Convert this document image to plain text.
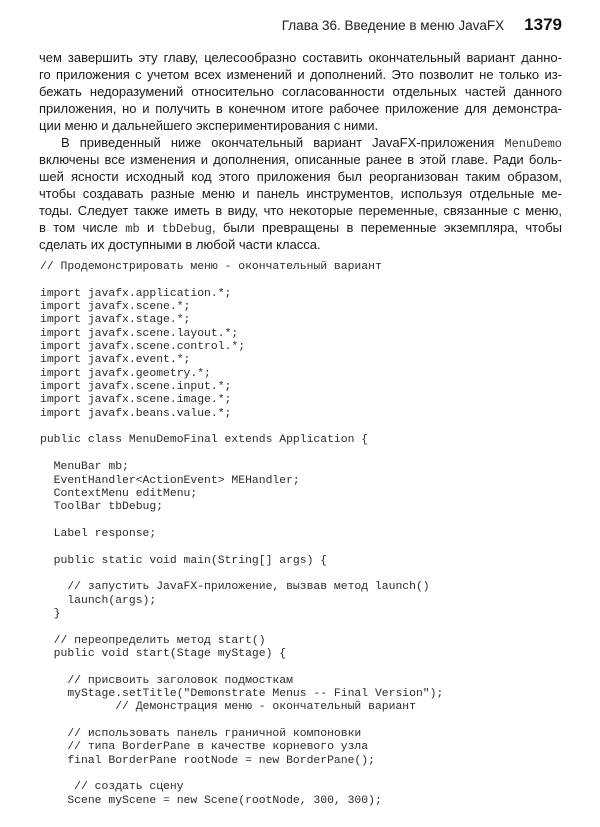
Глава 36. Введение в меню JavaFX 1379
чем завершить эту главу, целесообразно составить окончательный вариант данно-
го приложения с учетом всех изменений и дополнений. Это позволит не только из-
бежать недоразумений относительно согласованности отдельных частей данного
приложения, но и получить в конечном итоге рабочее приложение для демонстра-
ции меню и дальнейшего экспериментирования с ними.
В приведенный ниже окончательный вариант JavaFX-приложения MenuDemo
включены все изменения и дополнения, описанные ранее в этой главе. Ради боль-
шей ясности исходный код этого приложения был реорганизован таким образом,
чтобы создавать разные меню и панель инструментов, используя отдельные ме-
тоды. Следует также иметь в виду, что некоторые переменные, связанные с меню,
в том числе mb и tbDebug, были превращены в переменные экземпляра, чтобы
сделать их доступными в любой части класса.
// Продемонстрировать меню - окончательный вариант
import javafx.application.*;
import javafx.scene.*;
import javafx.stage.*;
import javafx.scene.layout.*;
import javafx.scene.control.*;
import javafx.event.*;
import javafx.geometry.*;
import javafx.scene.input.*;
import javafx.scene.image.*;
import javafx.beans.value.*;
public class MenuDemoFinal extends Application {
MenuBar mb;
EventHandler<ActionEvent> MEHandler;
ContextMenu editMenu;
ToolBar tbDebug;
Label response;
public static void main(String[] args) {
// запустить JavaFX-приложение, вызвав метод launch()
launch(args);
}
// переопределить метод start()
public void start(Stage myStage) {
// присвоить заголовок подмосткам
myStage.setTitle("Demonstrate Menus -- Final Version");
// Демонстрация меню - окончательный вариант
// использовать панель граничной компоновки
// типа BorderPane в качестве корневого узла
final BorderPane rootNode = new BorderPane();
// создать сцену
Scene myScene = new Scene(rootNode, 300, 300);
